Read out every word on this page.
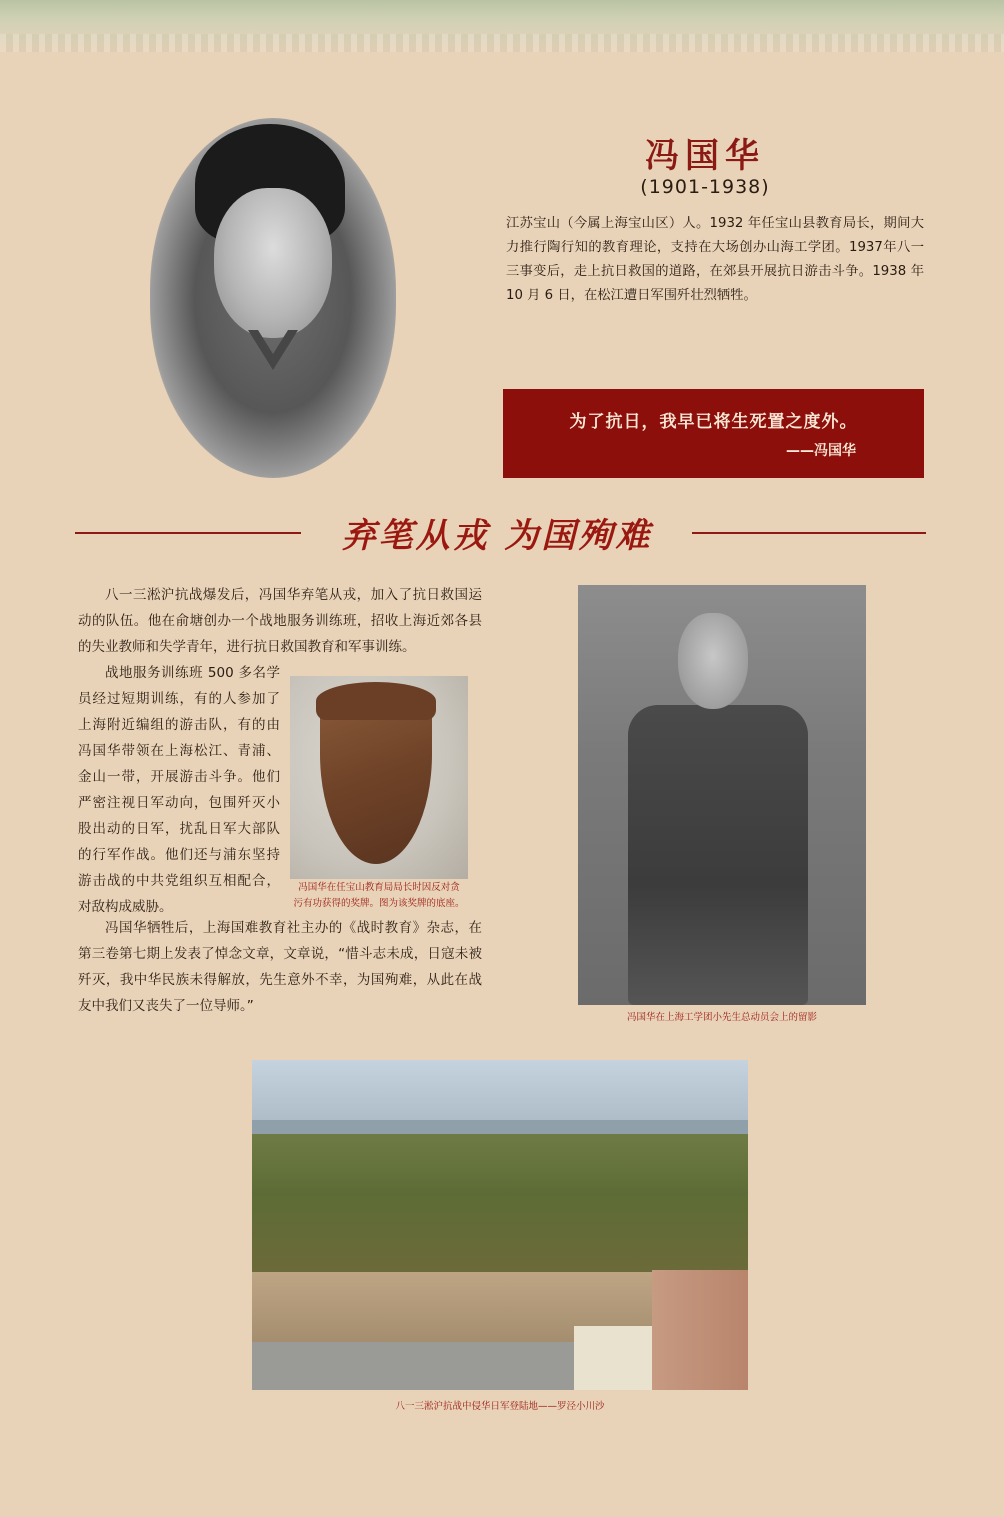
冯国华
(1901-1938)

江苏宝山（今属上海宝山区）人。1932 年任宝山县教育局长，期间大力推行陶行知的教育理论，支持在大场创办山海工学团。1937年八一三事变后，走上抗日救国的道路，在郊县开展抗日游击斗争。1938 年 10 月 6 日，在松江遭日军围歼壮烈牺牲。

为了抗日，我早已将生死置之度外。
——冯国华
弃笔从戎 为国殉难

八一三淞沪抗战爆发后，冯国华弃笔从戎，加入了抗日救国运动的队伍。他在俞塘创办一个战地服务训练班，招收上海近郊各县的失业教师和失学青年，进行抗日救国教育和军事训练。

战地服务训练班 500 多名学员经过短期训练，有的人参加了上海附近编组的游击队，有的由冯国华带领在上海松江、青浦、金山一带，开展游击斗争。他们严密注视日军动向，包围歼灭小股出动的日军，扰乱日军大部队的行军作战。他们还与浦东坚持游击战的中共党组织互相配合，对敌构成威胁。

冯国华在任宝山教育局局长时因反对贪
污有功获得的奖牌。图为该奖牌的底座。

冯国华牺牲后，上海国难教育社主办的《战时教育》杂志，在第三卷第七期上发表了悼念文章，文章说，“惜斗志未成，日寇未被歼灭，我中华民族未得解放，先生意外不幸，为国殉难，从此在战友中我们又丧失了一位导师。”

冯国华在上海工学团小先生总动员会上的留影
八一三淞沪抗战中侵华日军登陆地——罗泾小川沙
